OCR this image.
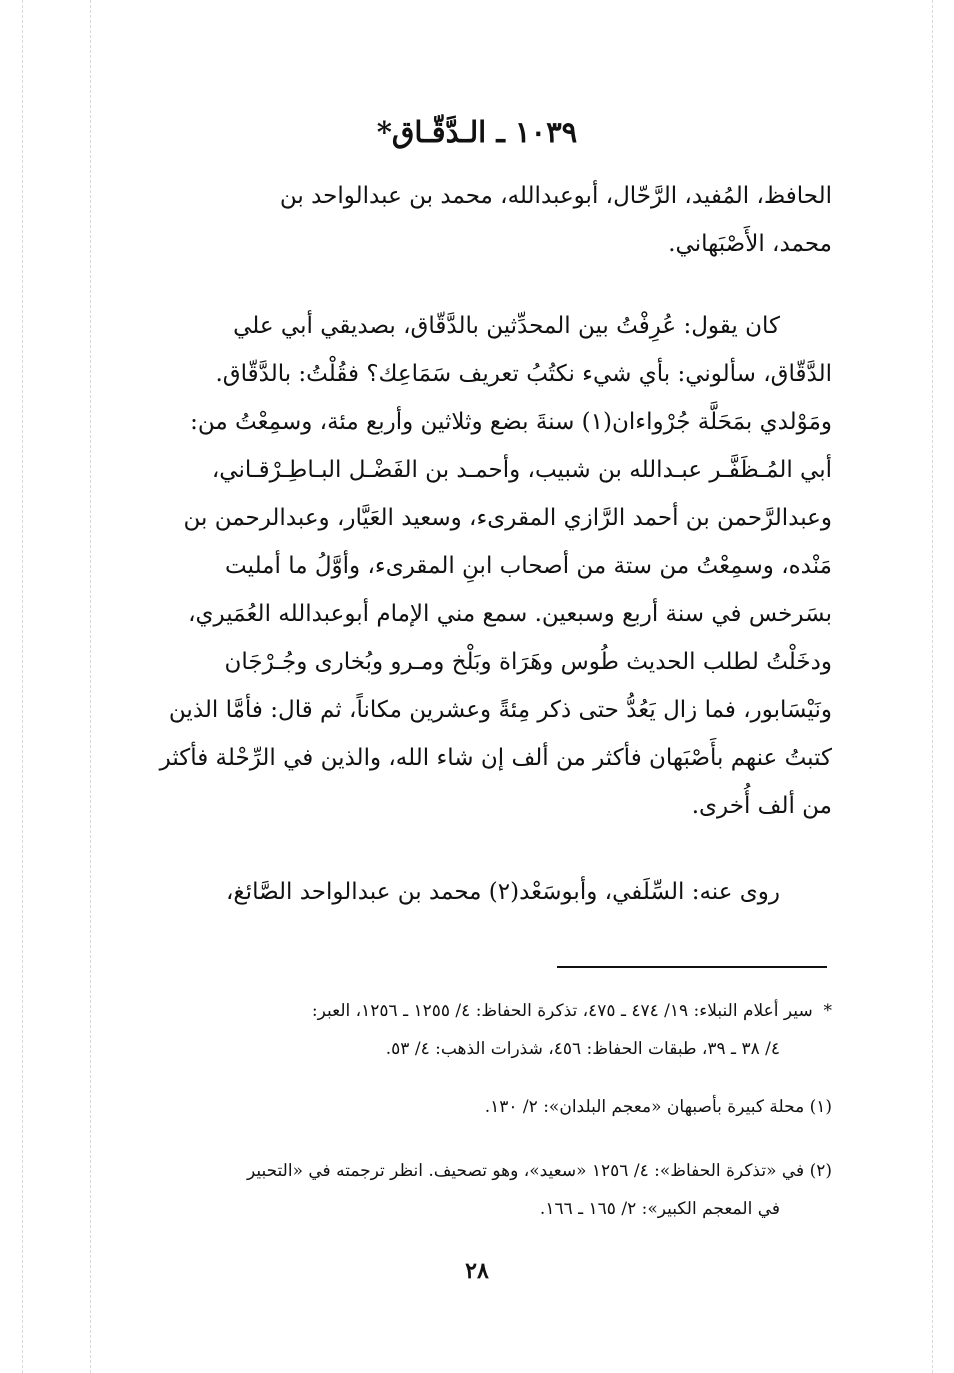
١٠٣٩ ـ الـدَّقّـاق*
الحافظ، المُفيد، الرَّحّال، أبوعبدالله، محمد بن عبدالواحد بن
محمد، الأَصْبَهاني.
كان يقول: عُرِفْتُ بين المحدِّثين بالدَّقّاق، بصديقي أبي علي
الدَّقّاق، سألوني: بأي شيء نكتُبُ تعريف سَمَاعِك؟ فقُلْتُ: بالدَّقّاق.
ومَوْلدي بمَحَلَّة جُرْواءان(١) سنةَ بضع وثلاثين وأربع مئة، وسمِعْتُ من:
أبي المُـظَفَّـر عبـدالله بن شبيب، وأحمـد بن الفَضْـل البـاطِـرْقـاني،
وعبدالرَّحمن بن أحمد الرَّازي المقرىء، وسعيد العَيَّار، وعبدالرحمن بن
مَنْده، وسمِعْتُ من ستة من أصحاب ابنِ المقرىء، وأوَّلُ ما أمليت
بسَرخس في سنة أربع وسبعين. سمع مني الإمام أبوعبدالله العُمَيري،
ودخَلْتُ لطلب الحديث طُوس وهَرَاة وبَلْخ ومـرو وبُخارى وجُـرْجَان
ونَيْسَابور، فما زال يَعُدُّ حتى ذكر مِئةً وعشرين مكاناً، ثم قال: فأمَّا الذين
كتبتُ عنهم بأَصْبَهان فأكثر من ألف إن شاء الله، والذين في الرِّحْلة فأكثر
من ألف أُخرى.
روى عنه: السِّلَفي، وأبوسَعْد(٢) محمد بن عبدالواحد الصَّائغ،
*  سير أعلام النبلاء: ١٩/ ٤٧٤ ـ ٤٧٥، تذكرة الحفاظ: ٤/ ١٢٥٥ ـ ١٢٥٦، العبر:
٤/ ٣٨ ـ ٣٩، طبقات الحفاظ: ٤٥٦، شذرات الذهب: ٤/ ٥٣.
(١) محلة كبيرة بأصبهان «معجم البلدان»: ٢/ ١٣٠.
(٢) في «تذكرة الحفاظ»: ٤/ ١٢٥٦ «سعيد»، وهو تصحيف. انظر ترجمته في «التحبير
في المعجم الكبير»: ٢/ ١٦٥ ـ ١٦٦.
٢٨
